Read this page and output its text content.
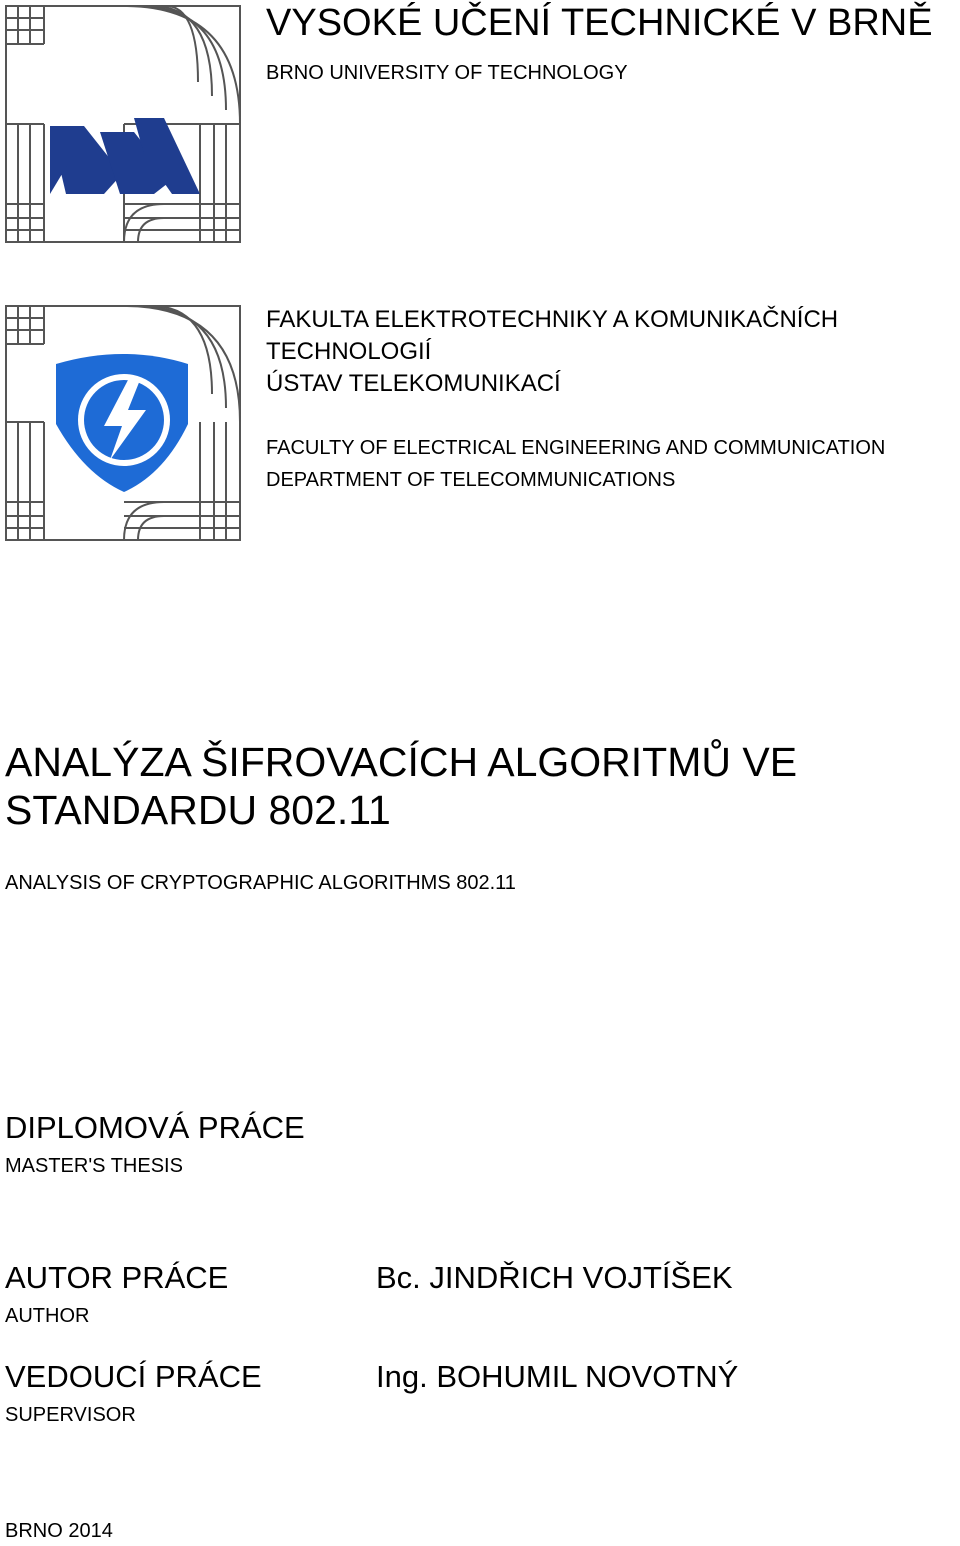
VYSOKÉ UČENÍ TECHNICKÉ V BRNĚ
BRNO UNIVERSITY OF TECHNOLOGY
FAKULTA ELEKTROTECHNIKY A KOMUNIKAČNÍCH TECHNOLOGIÍ
ÚSTAV TELEKOMUNIKACÍ
FACULTY OF ELECTRICAL ENGINEERING AND COMMUNICATION
DEPARTMENT OF TELECOMMUNICATIONS
ANALÝZA ŠIFROVACÍCH ALGORITMŮ VE STANDARDU 802.11
ANALYSIS OF CRYPTOGRAPHIC ALGORITHMS 802.11
DIPLOMOVÁ PRÁCE
MASTER'S THESIS
AUTOR PRÁCE
AUTHOR
Bc. JINDŘICH VOJTÍŠEK
VEDOUCÍ PRÁCE
SUPERVISOR
Ing. BOHUMIL NOVOTNÝ
BRNO 2014
